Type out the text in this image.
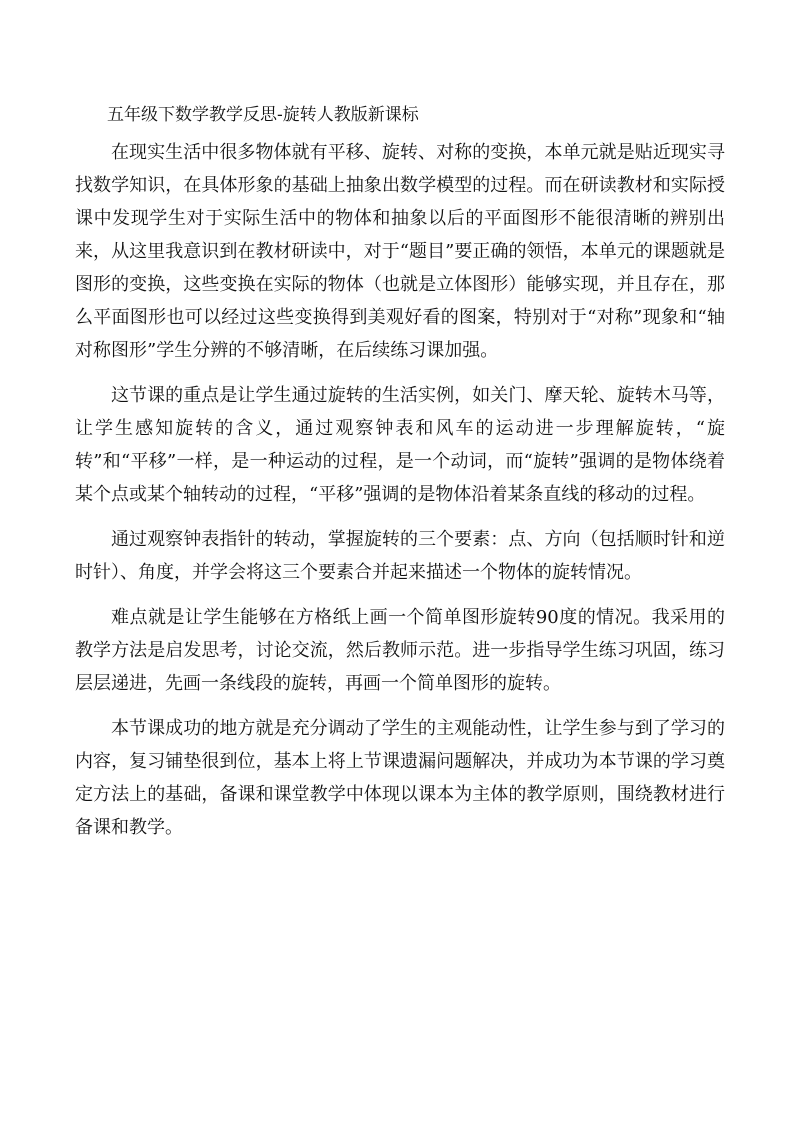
五年级下数学教学反思-旋转人教版新课标

在现实生活中很多物体就有平移、旋转、对称的变换，本单元就是贴近现实寻找数学知识，在具体形象的基础上抽象出数学模型的过程。而在研读教材和实际授课中发现学生对于实际生活中的物体和抽象以后的平面图形不能很清晰的辨别出来，从这里我意识到在教材研读中，对于“题目”要正确的领悟，本单元的课题就是 图形的变换，这些变换在实际的物体（也就是立体图形）能够实现，并且存在，那么平面图形也可以经过这些变换得到美观好看的图案，特别对于“对称”现象和“轴对称图形”学生分辨的不够清晰，在后续练习课加强。

这节课的重点是让学生通过旋转的生活实例，如关门、摩天轮、旋转木马等，让学生感知旋转的含义，通过观察钟表和风车的运动进一步理解旋转，“旋转”和“平移”一样，是一种运动的过程，是一个动词，而“旋转”强调的是物体绕着某个点或某个轴转动的过程，“平移”强调的是物体沿着某条直线的移动的过程。

通过观察钟表指针的转动，掌握旋转的三个要素：点、方向（包括顺时针和逆时针）、角度，并学会将这三个要素合并起来描述一个物体的旋转情况。

难点就是让学生能够在方格纸上画一个简单图形旋转90度的情况。我采用的教学方法是启发思考，讨论交流，然后教师示范。进一步指导学生练习巩固，练习层层递进，先画一条线段的旋转，再画一个简单图形的旋转。

本节课成功的地方就是充分调动了学生的主观能动性，让学生参与到了学习的内容，复习铺垫很到位，基本上将上节课遗漏问题解决，并成功为本节课的学习奠定方法上的基础，备课和课堂教学中体现以课本为主体的教学原则，围绕教材进行备课和教学。
